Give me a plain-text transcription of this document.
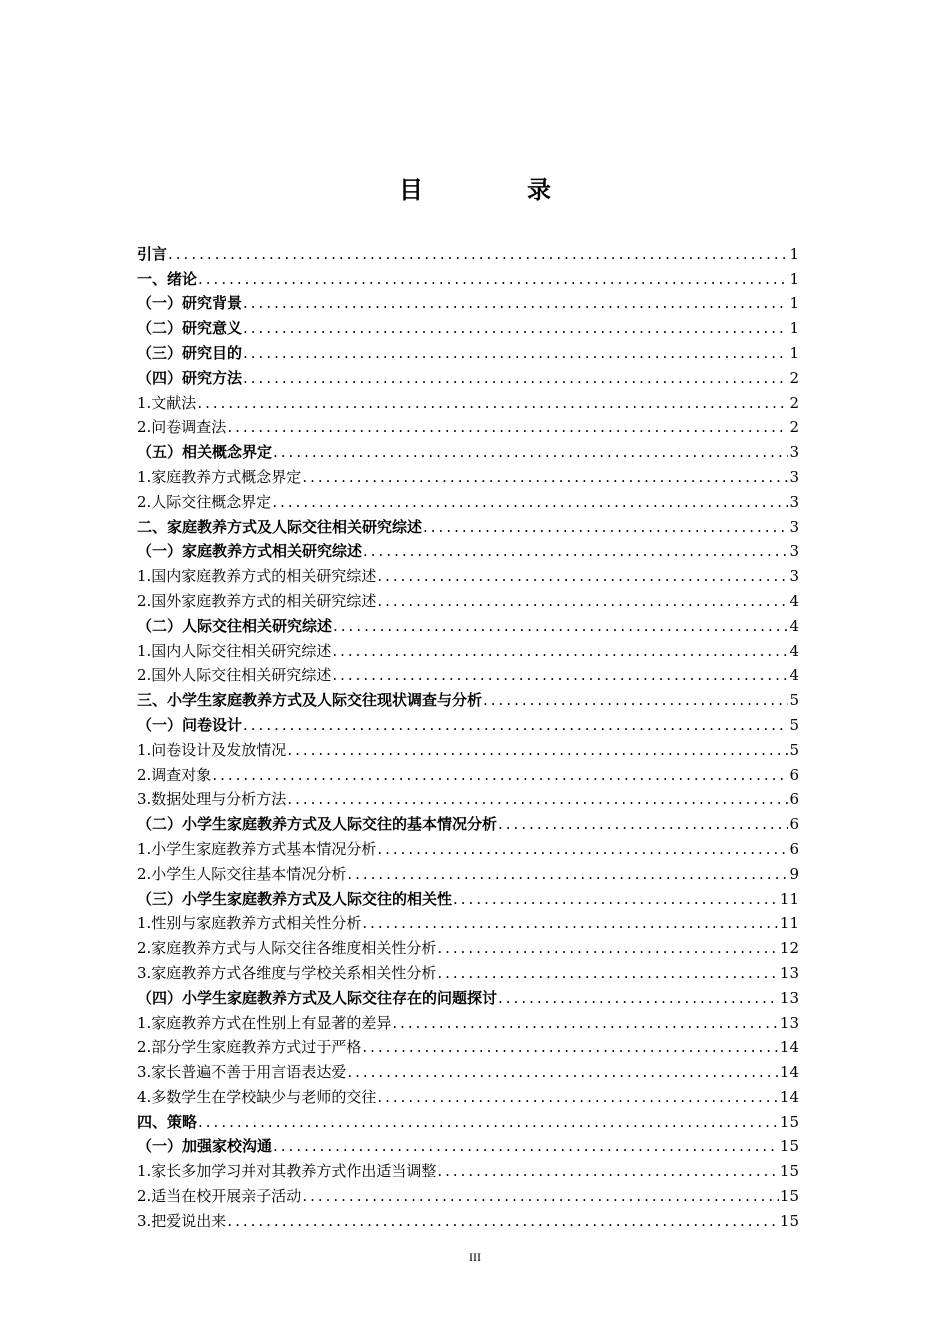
目　录
引言 .....	1
一、绪论 .....	1
（一）研究背景 .....	1
（二）研究意义 .....	1
（三）研究目的 .....	1
（四）研究方法 .....	2
1.文献法 .....	2
2.问卷调查法 .....	2
（五）相关概念界定 .....	3
1.家庭教养方式概念界定 .....	3
2.人际交往概念界定 .....	3
二、家庭教养方式及人际交往相关研究综述 .....	3
（一）家庭教养方式相关研究综述 .....	3
1.国内家庭教养方式的相关研究综述 .....	3
2.国外家庭教养方式的相关研究综述 .....	4
（二）人际交往相关研究综述 .....	4
1.国内人际交往相关研究综述 .....	4
2.国外人际交往相关研究综述 .....	4
三、小学生家庭教养方式及人际交往现状调查与分析 .....	5
（一）问卷设计 .....	5
1.问卷设计及发放情况 .....	5
2.调查对象 .....	6
3.数据处理与分析方法 .....	6
（二）小学生家庭教养方式及人际交往的基本情况分析 .....	6
1.小学生家庭教养方式基本情况分析 .....	6
2.小学生人际交往基本情况分析 .....	9
（三）小学生家庭教养方式及人际交往的相关性 .....	11
1.性别与家庭教养方式相关性分析 .....	11
2.家庭教养方式与人际交往各维度相关性分析 .....	12
3.家庭教养方式各维度与学校关系相关性分析 .....	13
（四）小学生家庭教养方式及人际交往存在的问题探讨 .....	13
1.家庭教养方式在性别上有显著的差异 .....	13
2.部分学生家庭教养方式过于严格 .....	14
3.家长普遍不善于用言语表达爱 .....	14
4.多数学生在学校缺少与老师的交往 .....	14
四、策略 .....	15
（一）加强家校沟通 .....	15
1.家长多加学习并对其教养方式作出适当调整 .....	15
2.适当在校开展亲子活动 .....	15
3.把爱说出来 .....	15
III
